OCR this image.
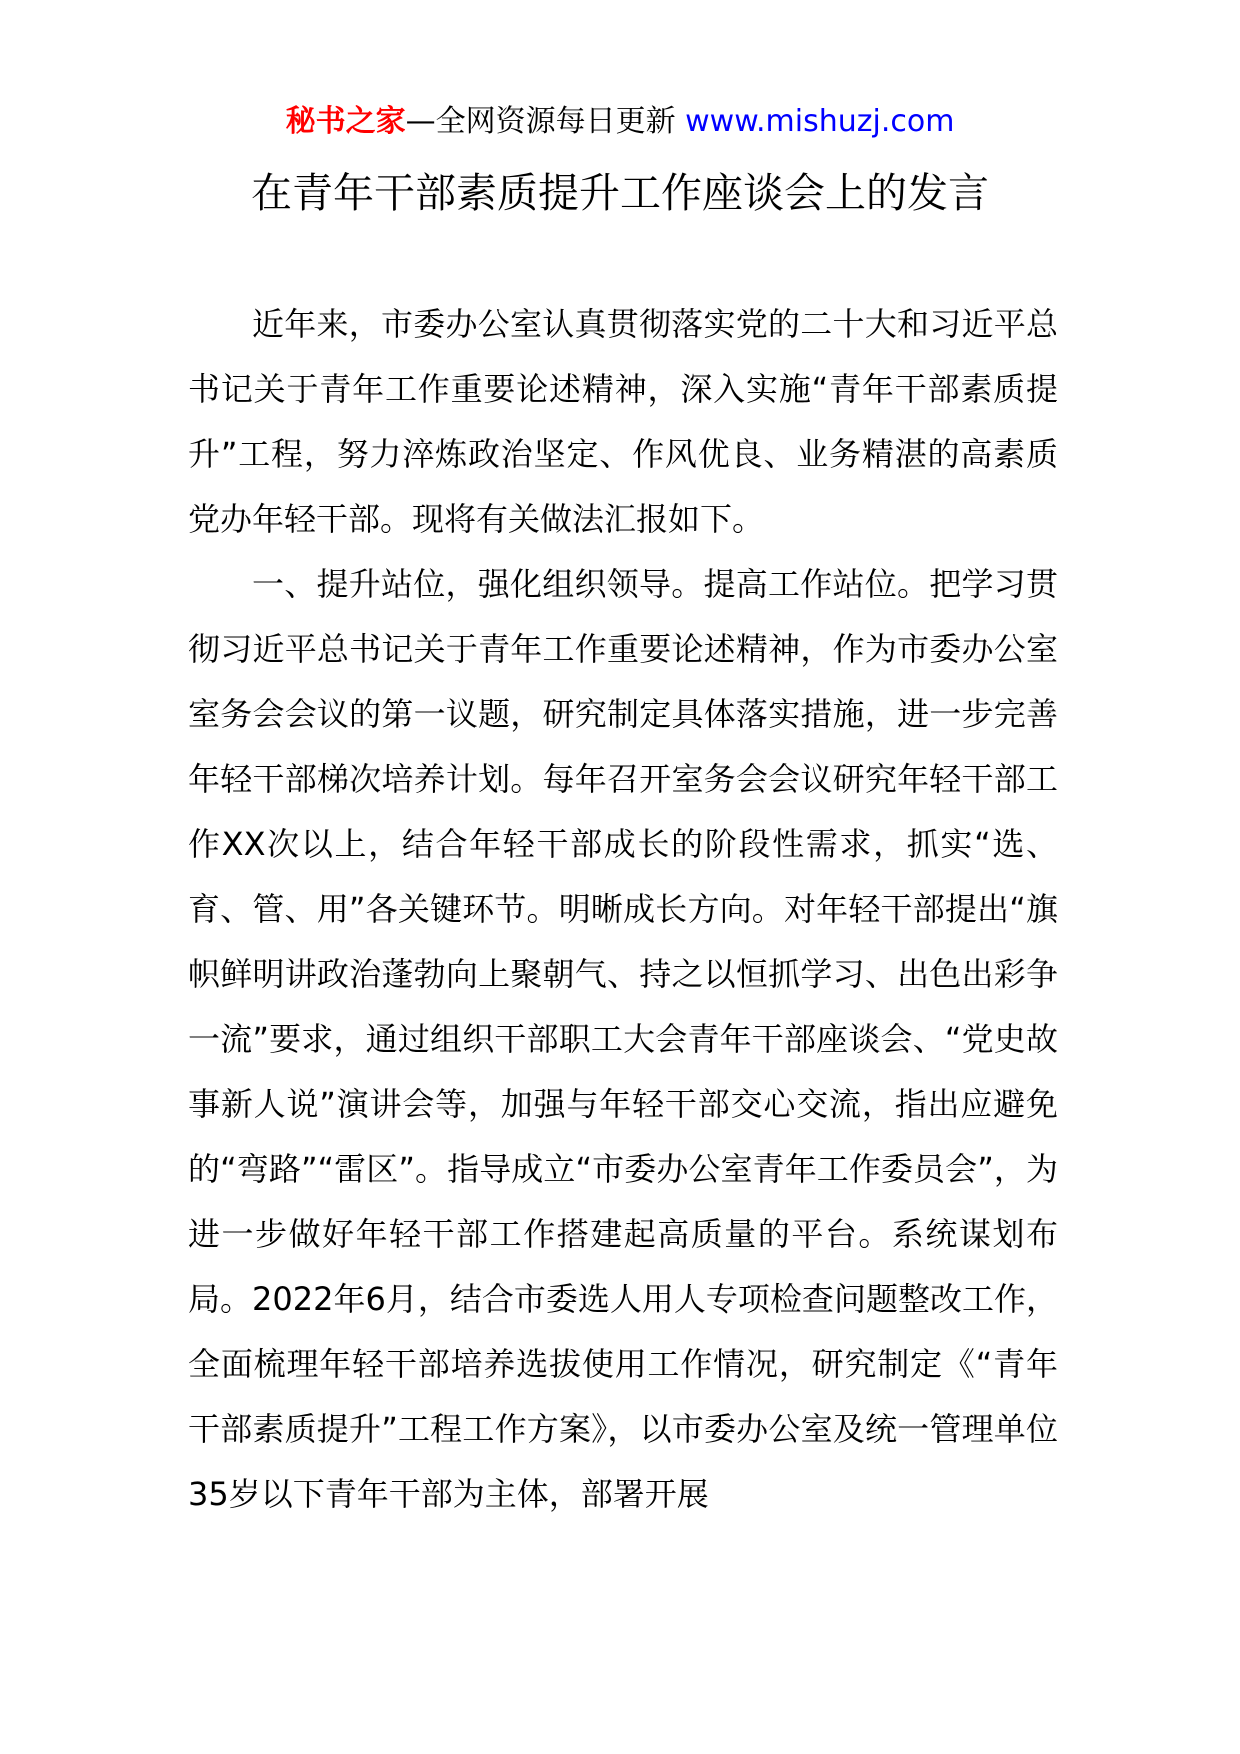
秘书之家—全网资源每日更新 www.mishuzj.com
在青年干部素质提升工作座谈会上的发言

近年来，市委办公室认真贯彻落实党的二十大和习近平总书记关于青年工作重要论述精神，深入实施“青年干部素质提升”工程，努力淬炼政治坚定、作风优良、业务精湛的高素质党办年轻干部。现将有关做法汇报如下。

一、提升站位，强化组织领导。提高工作站位。把学习贯彻习近平总书记关于青年工作重要论述精神，作为市委办公室室务会会议的第一议题，研究制定具体落实措施，进一步完善年轻干部梯次培养计划。每年召开室务会会议研究年轻干部工作XX次以上，结合年轻干部成长的阶段性需求，抓实“选、育、管、用”各关键环节。明晰成长方向。对年轻干部提出“旗帜鲜明讲政治蓬勃向上聚朝气、持之以恒抓学习、出色出彩争一流”要求，通过组织干部职工大会青年干部座谈会、“党史故事新人说”演讲会等，加强与年轻干部交心交流，指出应避免的“弯路”“雷区”。指导成立“市委办公室青年工作委员会”，为进一步做好年轻干部工作搭建起高质量的平台。系统谋划布局。2022年6月，结合市委选人用人专项检查问题整改工作，全面梳理年轻干部培养选拔使用工作情况，研究制定《“青年干部素质提升”工程工作方案》，以市委办公室及统一管理单位35岁以下青年干部为主体，部署开展
